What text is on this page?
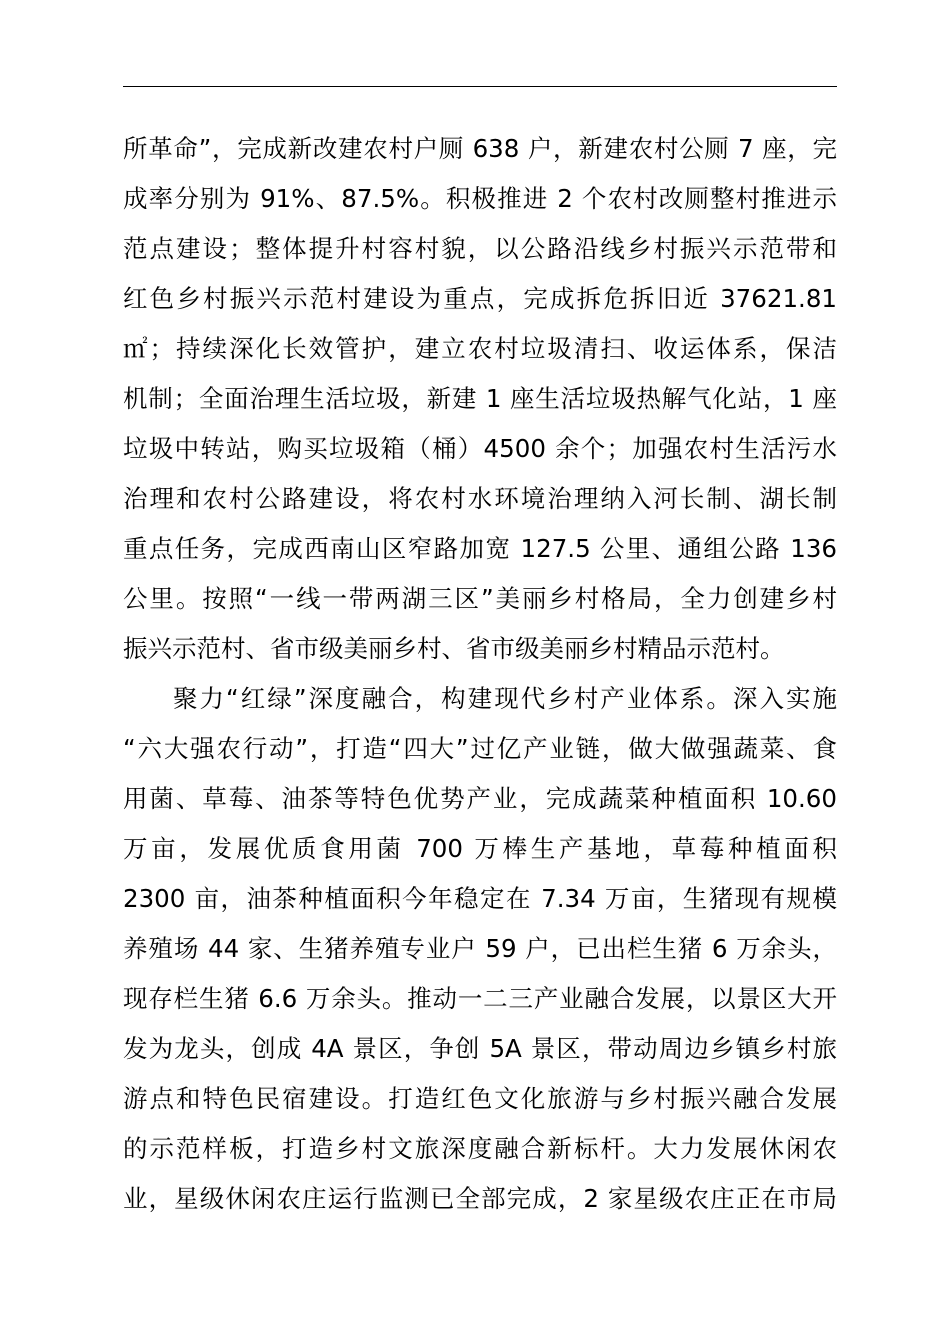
所革命”，完成新改建农村户厕 638 户，新建农村公厕 7 座，完
成率分别为 91%、87.5%。积极推进 2 个农村改厕整村推进示
范点建设；整体提升村容村貌，以公路沿线乡村振兴示范带和
红色乡村振兴示范村建设为重点，完成拆危拆旧近 37621.81
㎡；持续深化长效管护，建立农村垃圾清扫、收运体系，保洁
机制；全面治理生活垃圾，新建 1 座生活垃圾热解气化站，1 座
垃圾中转站，购买垃圾箱（桶）4500 余个；加强农村生活污水
治理和农村公路建设，将农村水环境治理纳入河长制、湖长制
重点任务，完成西南山区窄路加宽 127.5 公里、通组公路 136
公里。按照“一线一带两湖三区”美丽乡村格局，全力创建乡村
振兴示范村、省市级美丽乡村、省市级美丽乡村精品示范村。
聚力“红绿”深度融合，构建现代乡村产业体系。深入实施
“六大强农行动”，打造“四大”过亿产业链，做大做强蔬菜、食
用菌、草莓、油茶等特色优势产业，完成蔬菜种植面积 10.60
万亩，发展优质食用菌 700 万棒生产基地，草莓种植面积
2300 亩，油茶种植面积今年稳定在 7.34 万亩，生猪现有规模
养殖场 44 家、生猪养殖专业户 59 户，已出栏生猪 6 万余头，
现存栏生猪 6.6 万余头。推动一二三产业融合发展，以景区大开
发为龙头，创成 4A 景区，争创 5A 景区，带动周边乡镇乡村旅
游点和特色民宿建设。打造红色文化旅游与乡村振兴融合发展
的示范样板，打造乡村文旅深度融合新标杆。大力发展休闲农
业，星级休闲农庄运行监测已全部完成，2 家星级农庄正在市局
